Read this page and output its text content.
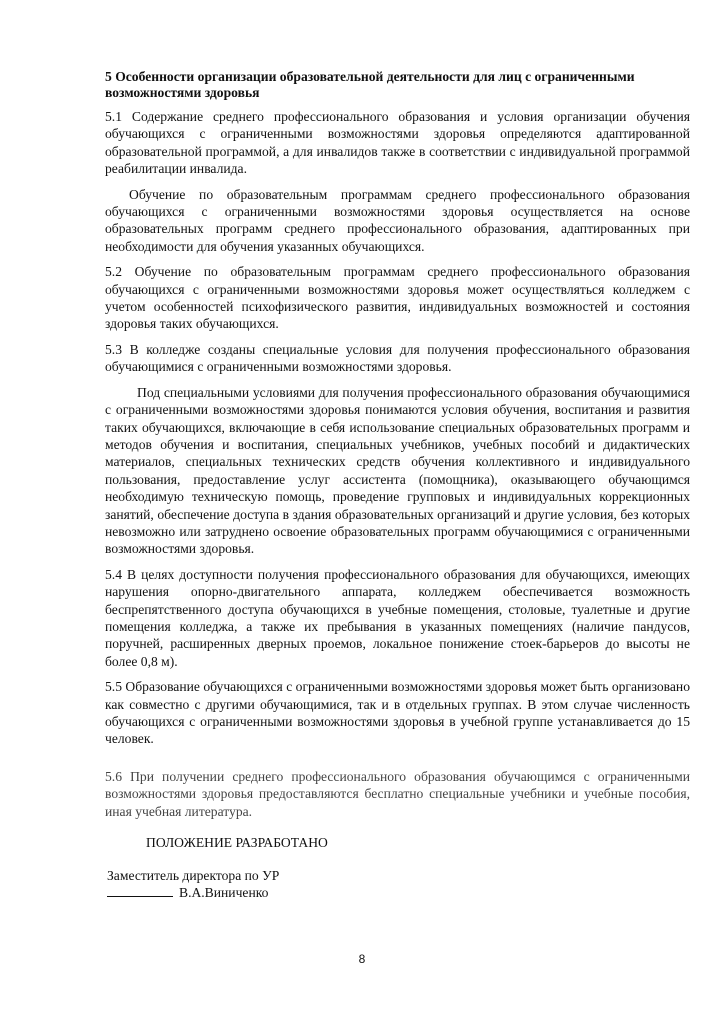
5 Особенности организации образовательной деятельности для лиц с ограниченными возможностями здоровья

5.1 Содержание среднего профессионального образования и условия организации обучения обучающихся с ограниченными возможностями здоровья определяются адаптированной образовательной программой, а для инвалидов также в соответствии с индивидуальной программой реабилитации инвалида.

Обучение по образовательным программам среднего профессионального образования обучающихся с ограниченными возможностями здоровья осуществляется на основе образовательных программ среднего профессионального образования, адаптированных при необходимости для обучения указанных обучающихся.

5.2 Обучение по образовательным программам среднего профессионального образования обучающихся с ограниченными возможностями здоровья может осуществляться колледжем с учетом особенностей психофизического развития, индивидуальных возможностей и состояния здоровья таких обучающихся.

5.3 В колледже созданы специальные условия для получения профессионального образования обучающимися с ограниченными возможностями здоровья.

Под специальными условиями для получения профессионального образования обучающимися с ограниченными возможностями здоровья понимаются условия обучения, воспитания и развития таких обучающихся, включающие в себя использование специальных образовательных программ и методов обучения и воспитания, специальных учебников, учебных пособий и дидактических материалов, специальных технических средств обучения коллективного и индивидуального пользования, предоставление услуг ассистента (помощника), оказывающего обучающимся необходимую техническую помощь, проведение групповых и индивидуальных коррекционных занятий, обеспечение доступа в здания образовательных организаций и другие условия, без которых невозможно или затруднено освоение образовательных программ обучающимися с ограниченными возможностями здоровья.

5.4 В целях доступности получения профессионального образования для обучающихся, имеющих нарушения опорно-двигательного аппарата, колледжем обеспечивается возможность беспрепятственного доступа обучающихся в учебные помещения, столовые, туалетные и другие помещения колледжа, а также их пребывания в указанных помещениях (наличие пандусов, поручней, расширенных дверных проемов, локальное понижение стоек-барьеров до высоты не более 0,8 м).

5.5 Образование обучающихся с ограниченными возможностями здоровья может быть организовано как совместно с другими обучающимися, так и в отдельных группах. В этом случае численность обучающихся с ограниченными возможностями здоровья в учебной группе устанавливается до 15 человек.

5.6 При получении среднего профессионального образования обучающимся с ограниченными возможностями здоровья предоставляются бесплатно специальные учебники и учебные пособия, иная учебная литература.

ПОЛОЖЕНИЕ РАЗРАБОТАНО
Заместитель директора по УР
В.А.Виниченко
8
